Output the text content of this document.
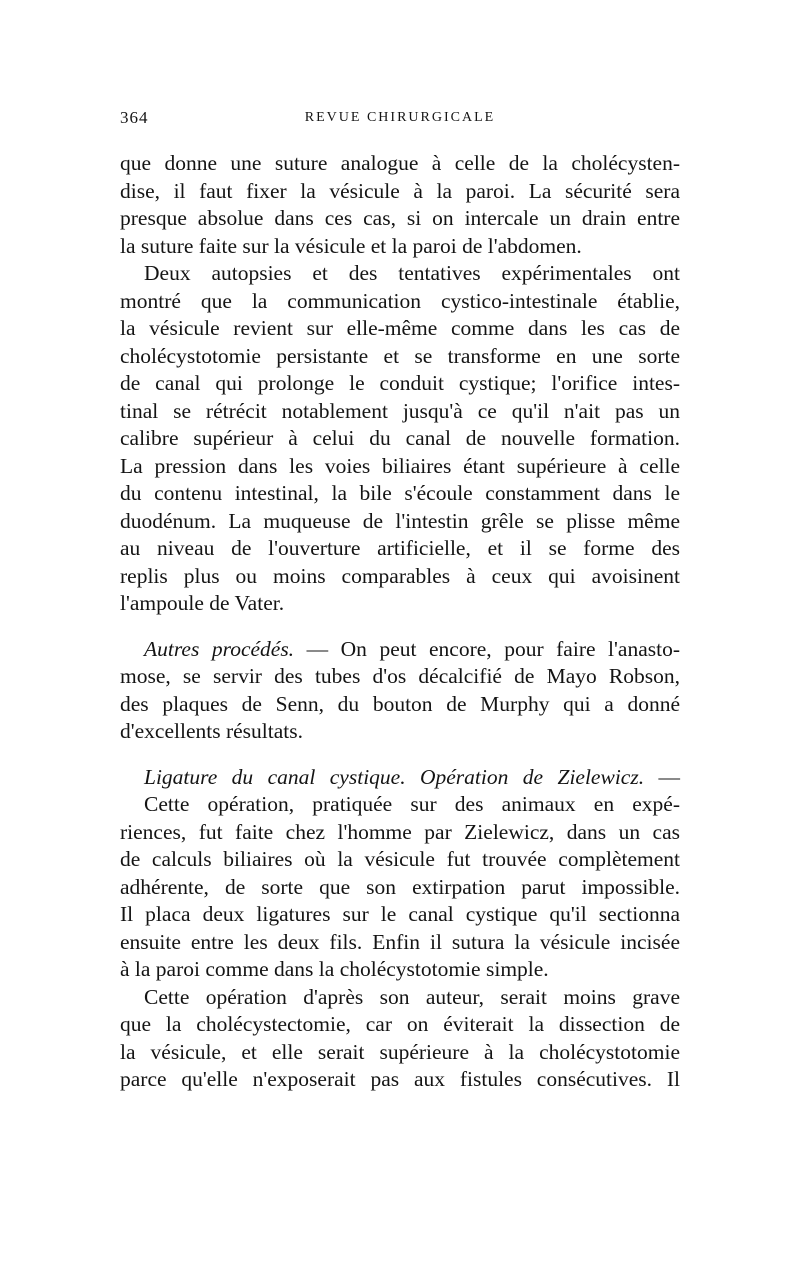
364	REVUE CHIRURGICALE
que donne une suture analogue à celle de la cholécysten-
dise, il faut fixer la vésicule à la paroi. La sécurité sera
presque absolue dans ces cas, si on intercale un drain entre
la suture faite sur la vésicule et la paroi de l'abdomen.
Deux autopsies et des tentatives expérimentales ont
montré que la communication cystico-intestinale établie,
la vésicule revient sur elle-même comme dans les cas de
cholécystotomie persistante et se transforme en une sorte
de canal qui prolonge le conduit cystique; l'orifice intes-
tinal se rétrécit notablement jusqu'à ce qu'il n'ait pas un
calibre supérieur à celui du canal de nouvelle formation.
La pression dans les voies biliaires étant supérieure à celle
du contenu intestinal, la bile s'écoule constamment dans le
duodénum. La muqueuse de l'intestin grêle se plisse même
au niveau de l'ouverture artificielle, et il se forme des
replis plus ou moins comparables à ceux qui avoisinent
l'ampoule de Vater.
Autres procédés. — On peut encore, pour faire l'anasto-
mose, se servir des tubes d'os décalcifié de Mayo Robson,
des plaques de Senn, du bouton de Murphy qui a donné
d'excellents résultats.
Ligature du canal cystique. Opération de Zielewicz. —
Cette opération, pratiquée sur des animaux en expé-
riences, fut faite chez l'homme par Zielewicz, dans un cas
de calculs biliaires où la vésicule fut trouvée complètement
adhérente, de sorte que son extirpation parut impossible.
Il placa deux ligatures sur le canal cystique qu'il sectionna
ensuite entre les deux fils. Enfin il sutura la vésicule incisée
à la paroi comme dans la cholécystotomie simple.
Cette opération d'après son auteur, serait moins grave
que la cholécystectomie, car on éviterait la dissection de
la vésicule, et elle serait supérieure à la cholécystotomie
parce qu'elle n'exposerait pas aux fistules consécutives. Il
